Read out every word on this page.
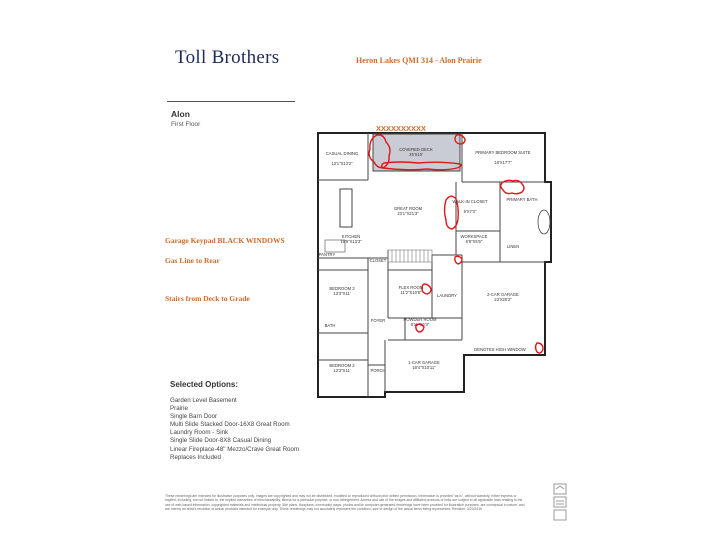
Toll Brothers	Heron Lakes QMI 314 - Alon Prairie
Alon
First Floor
Garage Keypad BLACK WINDOWS
Gas Line to Rear
Stairs from Deck to Grade
XXXXXXXXXX
COVERED DECK
25'X10'
CASUAL DINING
13'1"X13'2"
PRIMARY BEDROOM SUITE
18'X17'7"
GREAT ROOM
23'1"X21'3"
WALK-IN CLOSET
9'X7'3"
PRIMARY BATH
KITCHEN
19'9"X13'3"
WORKSPACE
6'8"X5'6"
BEDROOM 3
13'3"X11'
FLEX ROOM
11'2"X10'8"
LAUNDRY	2-CAR GARAGE
23'X20'2"
FOYER	POWDER ROOM
8'11"X6'3"
BATH
BEDROOM 2
12'3"X11'
1-CAR GARAGE
18'4"X10'11"
PORCH
DENOTES HIGH WINDOW
CLOSET
PANTRY
LINEN
Selected Options:
Garden Level Basement
Prairie
Single Barn Door
Multi Slide Stacked Door-16X8 Great Room
Laundry Room - Sink
Single Slide Door-8X8 Casual Dining
Linear Fireplace-48" Mezzo/Crave Great Room
Replaces Included
These renderings are intended for illustrative purposes only. Images are copyrighted and may not be distributed, modified or reproduced without prior written permission. Information is provided "as is", without warranty, either express or implied, including, but not limited to, the implied warranties of merchantability, fitness for a particular purpose, or non-infringement. Access and use of the images and affiliated products or links are subject to all applicable laws relating to the use of web-based information, copyrighted materials and intellectual property. Site plans, floorplans, community maps, photos and/or computer-generated renderings have been provided for illustrative purposes, are conceptual in nature, and are merely an artist's rendition of actual products intended for example only. These renderings may not accurately represent the condition, size or design of the actual items being represented. Revision: 3/22/2016
